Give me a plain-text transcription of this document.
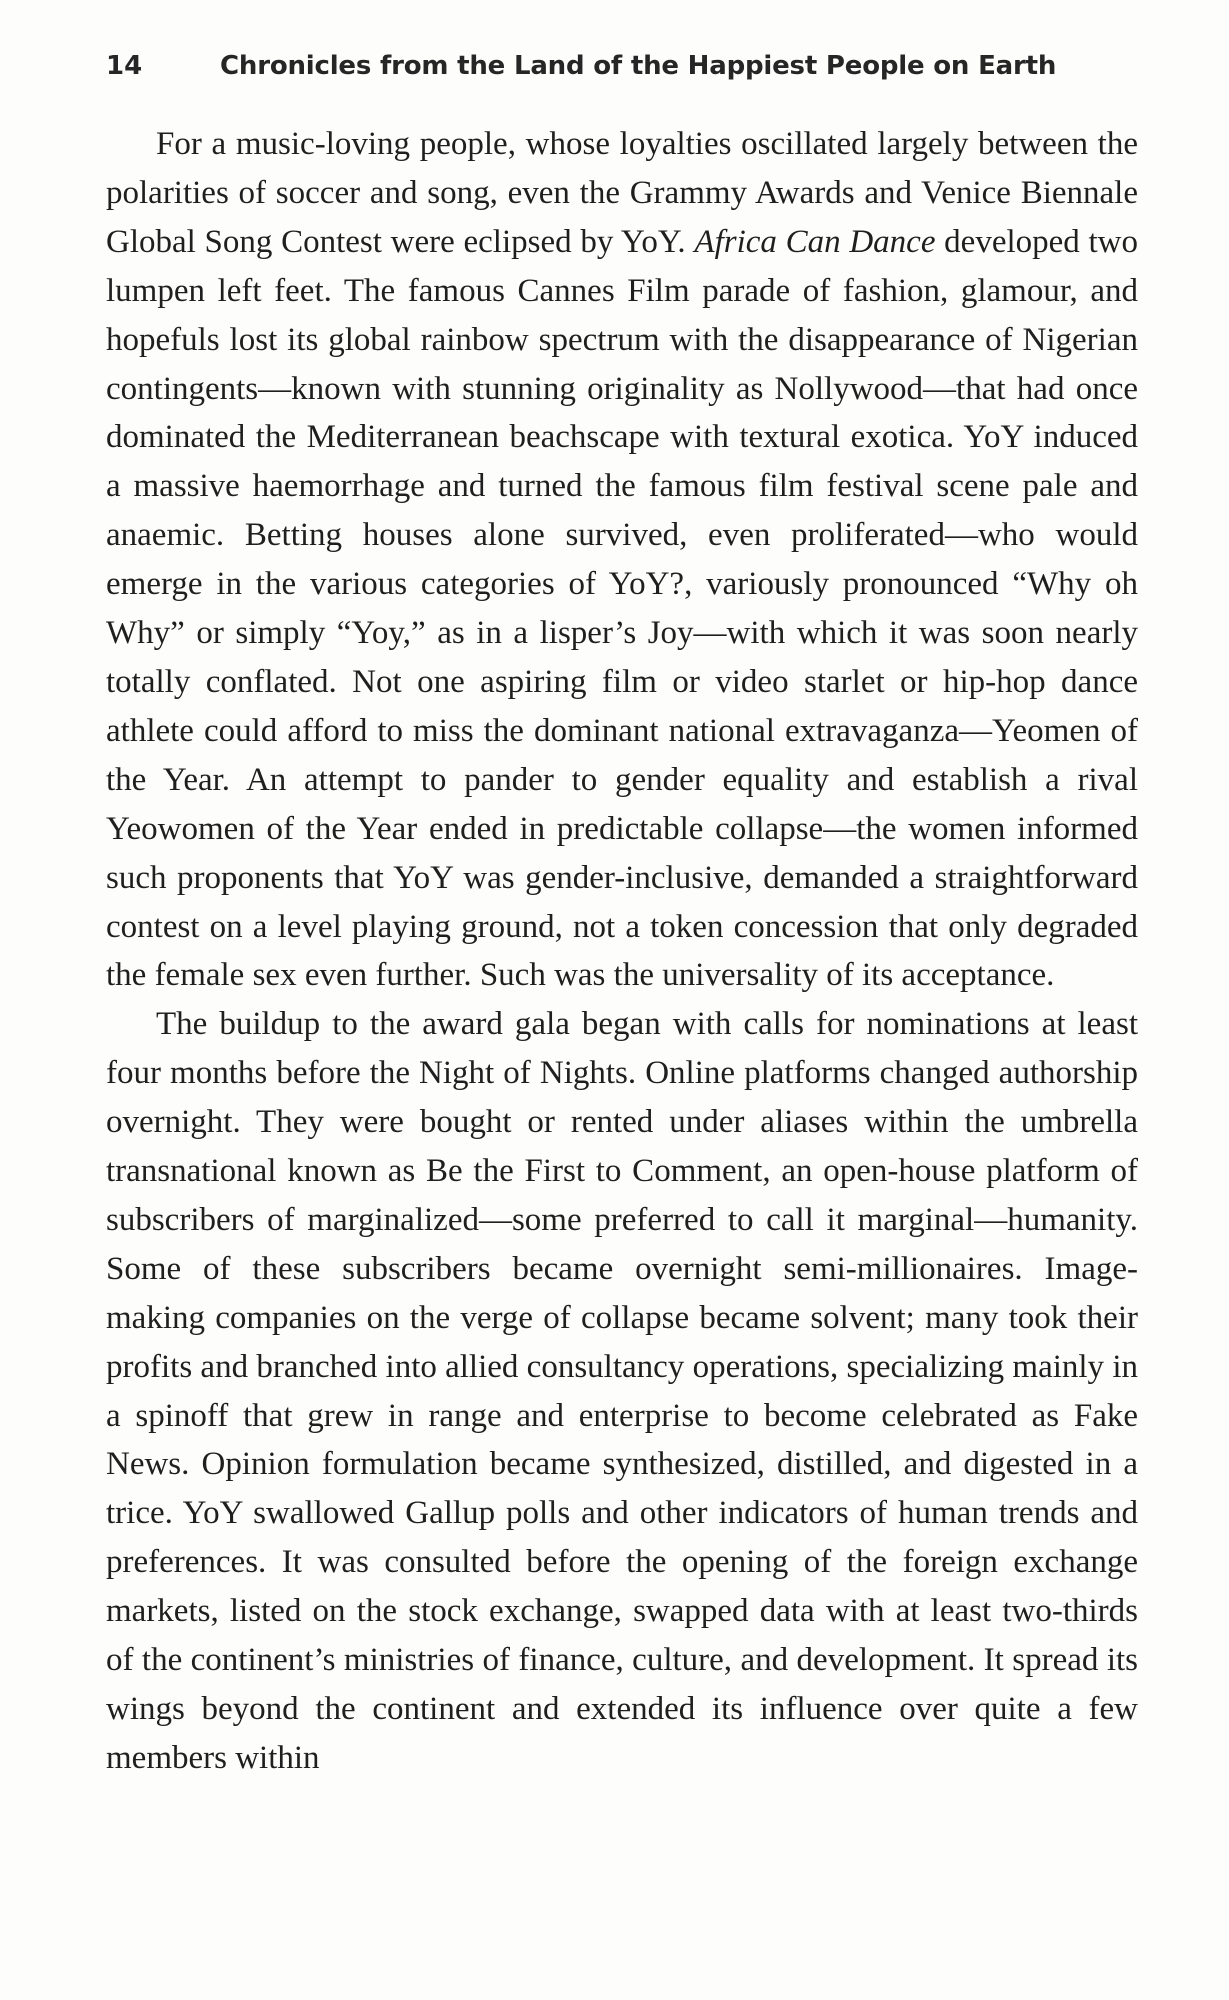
14	Chronicles from the Land of the Happiest People on Earth

For a music-loving people, whose loyalties oscillated largely between the polarities of soccer and song, even the Grammy Awards and Venice Biennale Global Song Contest were eclipsed by YoY. Africa Can Dance developed two lumpen left feet. The famous Cannes Film parade of fashion, glamour, and hopefuls lost its global rainbow spectrum with the disappearance of Nigerian contingents—known with stunning originality as Nollywood—that had once dominated the Mediterranean beachscape with textural exotica. YoY induced a massive haemorrhage and turned the famous film festival scene pale and anaemic. Betting houses alone survived, even proliferated—who would emerge in the various categories of YoY?, variously pronounced “Why oh Why” or simply “Yoy,” as in a lisper’s Joy—with which it was soon nearly totally conflated. Not one aspiring film or video starlet or hip-hop dance athlete could afford to miss the dominant national extravaganza—Yeomen of the Year. An attempt to pander to gender equality and establish a rival Yeowomen of the Year ended in predictable collapse—the women informed such proponents that YoY was gender-inclusive, demanded a straightforward contest on a level playing ground, not a token concession that only degraded the female sex even further. Such was the universality of its acceptance.

The buildup to the award gala began with calls for nominations at least four months before the Night of Nights. Online platforms changed authorship overnight. They were bought or rented under aliases within the umbrella transnational known as Be the First to Comment, an open-house platform of subscribers of marginalized—some preferred to call it marginal—humanity. Some of these subscribers became overnight semi-millionaires. Image-making companies on the verge of collapse became solvent; many took their profits and branched into allied consultancy operations, specializing mainly in a spinoff that grew in range and enterprise to become celebrated as Fake News. Opinion formulation became synthesized, distilled, and digested in a trice. YoY swallowed Gallup polls and other indicators of human trends and preferences. It was consulted before the opening of the foreign exchange markets, listed on the stock exchange, swapped data with at least two-thirds of the continent’s ministries of finance, culture, and development. It spread its wings beyond the continent and extended its influence over quite a few members within
